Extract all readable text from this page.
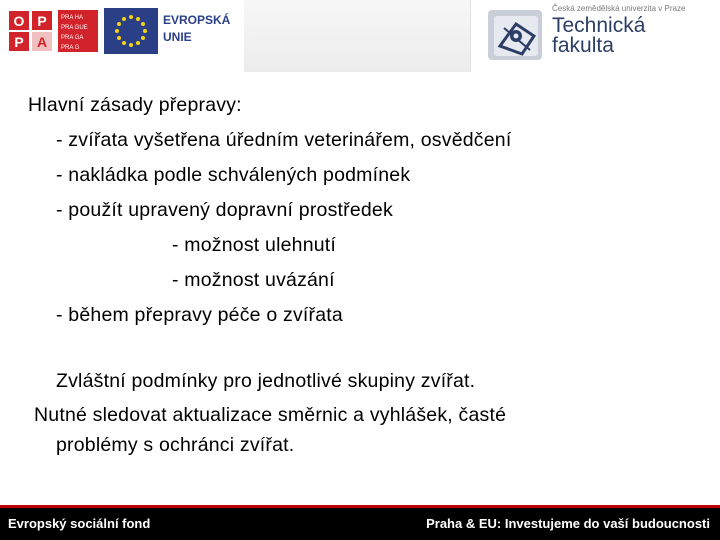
O P
P A
PRA HA
PRA GUE
PRA GA
PRA G
EVROPSKÁ
UNIE
Česká zemědělská univerzita v Praze
Technická
fakulta
Hlavní zásady přepravy:
- zvířata vyšetřena úředním veterinářem, osvědčení
- nakládka podle schválených podmínek
- použít upravený dopravní prostředek
- možnost ulehnutí
- možnost uvázání
- během přepravy péče o zvířata
Zvláštní podmínky pro jednotlivé skupiny zvířat.
Nutné sledovat aktualizace směrnic a vyhlášek, časté
problémy s ochránci zvířat.
Evropský sociální fond	Praha & EU: Investujeme do vaší budoucnosti
